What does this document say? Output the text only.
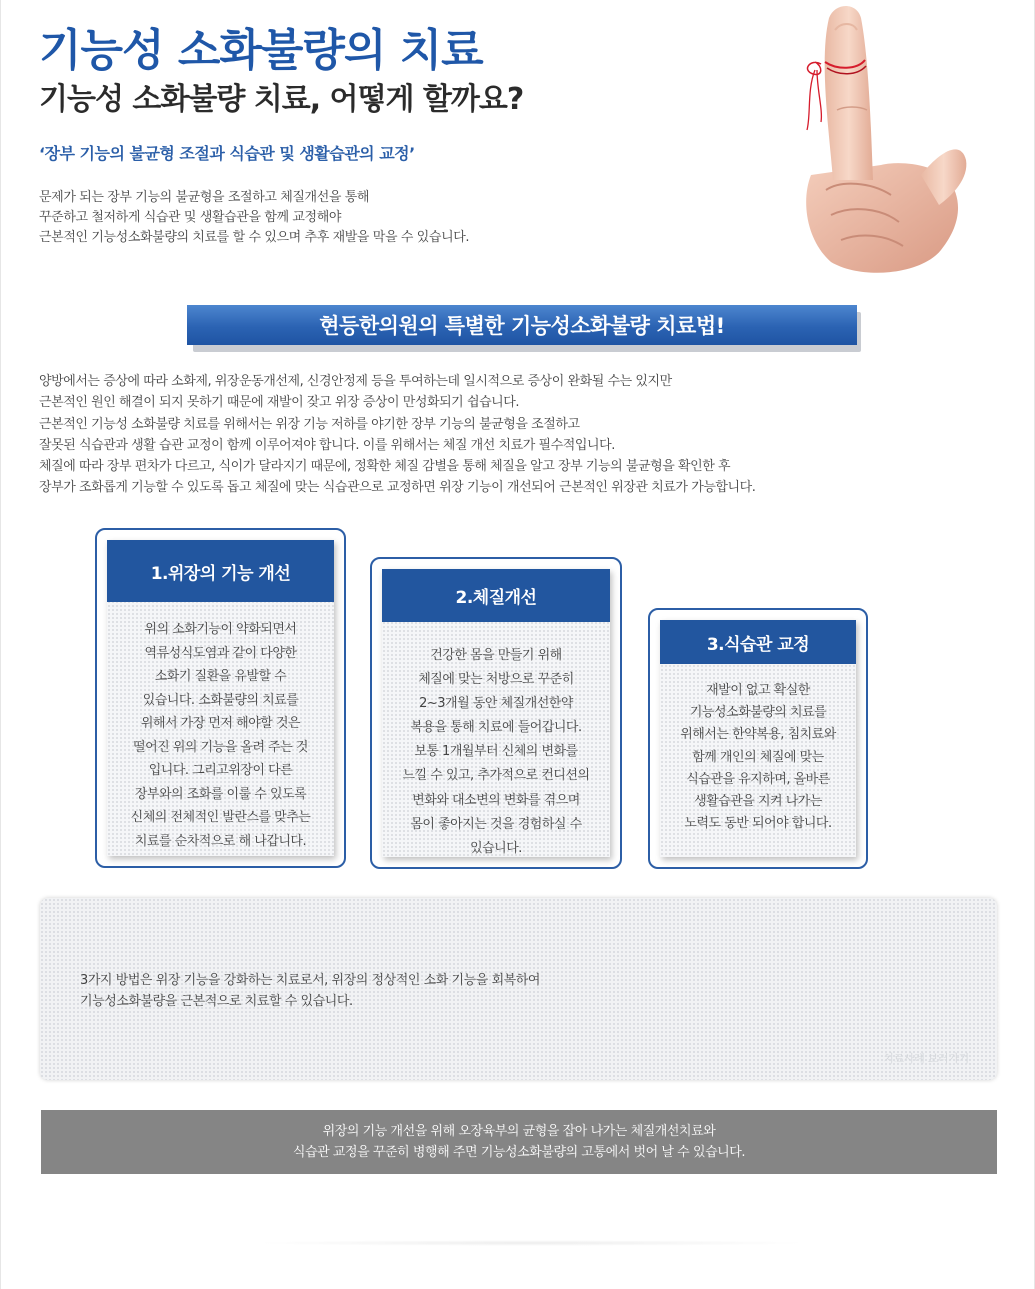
기능성 소화불량의 치료
기능성 소화불량 치료, 어떻게 할까요?
‘장부 기능의 불균형 조절과 식습관 및 생활습관의 교정’

문제가 되는 장부 기능의 불균형을 조절하고 체질개선을 통해

꾸준하고 철저하게 식습관 및 생활습관을 함께 교정해야

근본적인 기능성소화불량의 치료를 할 수 있으며 추후 재발을 막을 수 있습니다.

현등한의원의 특별한 기능성소화불량 치료법!

양방에서는 증상에 따라 소화제, 위장운동개선제, 신경안정제 등을 투여하는데 일시적으로 증상이 완화될 수는 있지만

근본적인 원인 해결이 되지 못하기 때문에 재발이 잦고 위장 증상이 만성화되기 쉽습니다.

근본적인 기능성 소화불량 치료를 위해서는 위장 기능 저하를 야기한 장부 기능의 불균형을 조절하고

잘못된 식습관과 생활 습관 교정이 함께 이루어져야 합니다. 이를 위해서는 체질 개선 치료가 필수적입니다.

체질에 따라 장부 편차가 다르고, 식이가 달라지기 때문에, 정확한 체질 감별을 통해 체질을 알고 장부 기능의 불균형을 확인한 후

장부가 조화롭게 기능할 수 있도록 돕고 체질에 맞는 식습관으로 교정하면 위장 기능이 개선되어 근본적인 위장관 치료가 가능합니다.

1.위장의 기능 개선

위의 소화기능이 약화되면서

역류성식도염과 같이 다양한

소화기 질환을 유발할 수

있습니다. 소화불량의 치료를

위해서 가장 먼저 해야할 것은

떨어진 위의 기능을 올려 주는 것

입니다. 그리고위장이 다른

장부와의 조화를 이룰 수 있도록

신체의 전체적인 발란스를 맞추는

치료를 순차적으로 해 나갑니다.

2.체질개선

건강한 몸을 만들기 위해

체질에 맞는 처방으로 꾸준히

2~3개월 동안 체질개선한약

복용을 통해 치료에 들어갑니다.

보통 1개월부터 신체의 변화를

느낄 수 있고, 추가적으로 컨디션의

변화와 대소변의 변화를 겪으며

몸이 좋아지는 것을 경험하실 수

있습니다.

3.식습관 교정

재발이 없고 확실한

기능성소화불량의 치료를

위해서는 한약복용, 침치료와

함께 개인의 체질에 맞는

식습관을 유지하며, 올바른

생활습관을 지켜 나가는

노력도 동반 되어야 합니다.

3가지 방법은 위장 기능을 강화하는 치료로서, 위장의 정상적인 소화 기능을 회복하여

기능성소화불량을 근본적으로 치료할 수 있습니다.

치료사례 보러가기

위장의 기능 개선을 위해 오장육부의 균형을 잡아 나가는 체질개선치료와

식습관 교정을 꾸준히 병행해 주면 기능성소화불량의 고통에서 벗어 날 수 있습니다.
